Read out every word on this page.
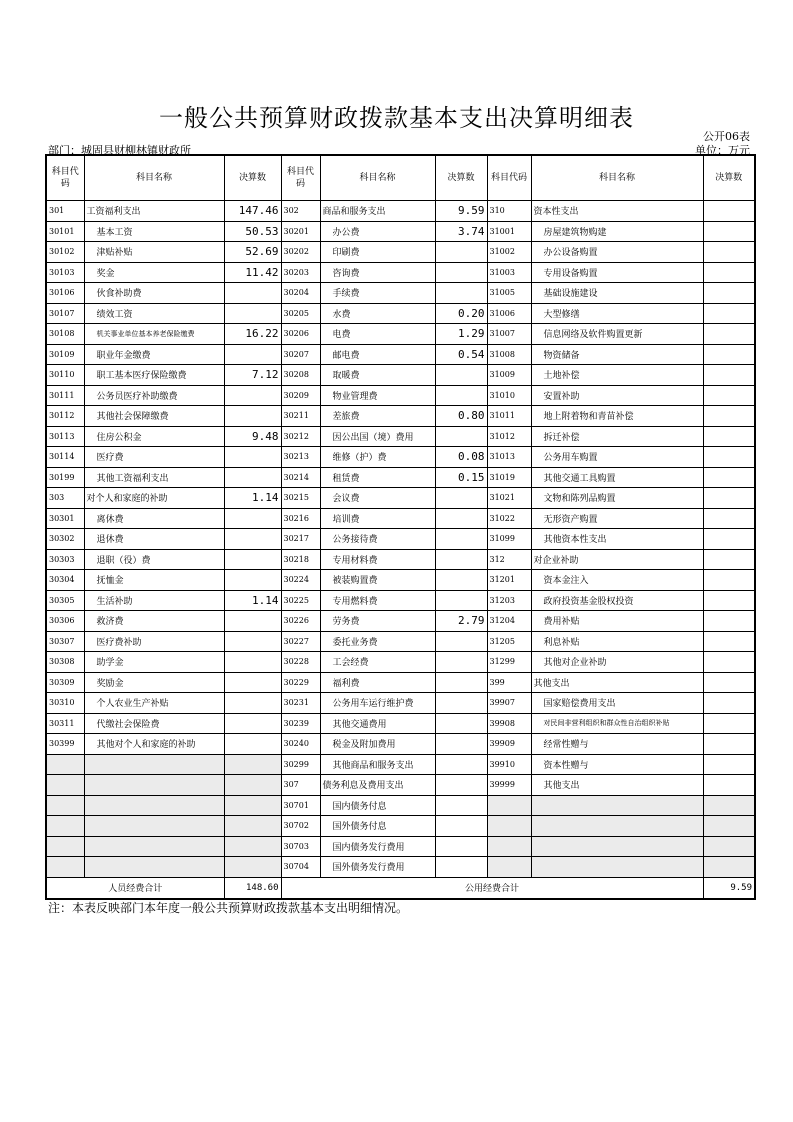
一般公共预算财政拨款基本支出决算明细表
公开06表
部门：城固县财柳林镇财政所	单位：万元
科目代码	科目名称	决算数	科目代码	科目名称	决算数	科目代码	科目名称	决算数
301	工资福利支出	147.46	302	商品和服务支出	9.59	310	资本性支出	
30101	基本工资	50.53	30201	办公费	3.74	31001	房屋建筑物购建	
30102	津贴补贴	52.69	30202	印刷费		31002	办公设备购置	
30103	奖金	11.42	30203	咨询费		31003	专用设备购置	
30106	伙食补助费		30204	手续费		31005	基础设施建设	
30107	绩效工资		30205	水费	0.20	31006	大型修缮	
30108	机关事业单位基本养老保险缴费	16.22	30206	电费	1.29	31007	信息网络及软件购置更新	
30109	职业年金缴费		30207	邮电费	0.54	31008	物资储备	
30110	职工基本医疗保险缴费	7.12	30208	取暖费		31009	土地补偿	
30111	公务员医疗补助缴费		30209	物业管理费		31010	安置补助	
30112	其他社会保障缴费		30211	差旅费	0.80	31011	地上附着物和青苗补偿	
30113	住房公积金	9.48	30212	因公出国（境）费用		31012	拆迁补偿	
30114	医疗费		30213	维修（护）费	0.08	31013	公务用车购置	
30199	其他工资福利支出		30214	租赁费	0.15	31019	其他交通工具购置	
303	对个人和家庭的补助	1.14	30215	会议费		31021	文物和陈列品购置	
30301	离休费		30216	培训费		31022	无形资产购置	
30302	退休费		30217	公务接待费		31099	其他资本性支出	
30303	退职（役）费		30218	专用材料费		312	对企业补助	
30304	抚恤金		30224	被装购置费		31201	资本金注入	
30305	生活补助	1.14	30225	专用燃料费		31203	政府投资基金股权投资	
30306	救济费		30226	劳务费	2.79	31204	费用补贴	
30307	医疗费补助		30227	委托业务费		31205	利息补贴	
30308	助学金		30228	工会经费		31299	其他对企业补助	
30309	奖励金		30229	福利费		399	其他支出	
30310	个人农业生产补贴		30231	公务用车运行维护费		39907	国家赔偿费用支出	
30311	代缴社会保险费		30239	其他交通费用		39908	对民间非营利组织和群众性自治组织补贴	
30399	其他对个人和家庭的补助		30240	税金及附加费用		39909	经常性赠与	
			30299	其他商品和服务支出		39910	资本性赠与	
			307	债务利息及费用支出		39999	其他支出	
			30701	国内债务付息				
			30702	国外债务付息				
			30703	国内债务发行费用				
			30704	国外债务发行费用				
人员经费合计		148.60	公用经费合计					9.59
注：本表反映部门本年度一般公共预算财政拨款基本支出明细情况。
